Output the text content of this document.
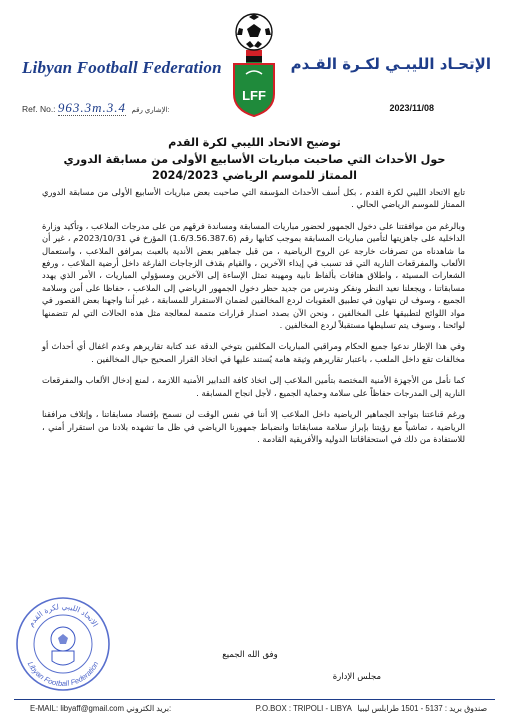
Libyan Football Federation	الإتحـاد الليبـي لكـرة القـدم
LFF
Ref. No.: 963.3m.3.4 الإشاري رقم:	2023/11/08
توضيح الاتحاد الليبي لكرة القدم
حول الأحداث التي صاحبت مباريات الأسابيع الأولى من مسابقة الدوري
الممتاز للموسم الرياضي 2024/2023

تابع الاتحاد الليبي لكرة القدم ، بكل أسف الأحداث المؤسفة التي صاحبت بعض مباريات الأسابيع الأولى من مسابقة الدوري الممتاز للموسم الرياضي الحالي .

وبالرغم من موافقتنا على دخول الجمهور لحضور مباريات المسابقة ومساندة فرقهم من على مدرجات الملاعب ، وتأكيد وزارة الداخلية على جاهزيتها لتأمين مباريات المسابقة بموجب كتابها رقم (1.6/3.56.387.6) المؤرخ في 2023/10/31م ، غير أن ما شاهدناه من تصرفات خارجة عن الروح الرياضية ، من قبل جماهير بعض الأندية بالعبث بمرافق الملاعب ، واستعمال الألعاب والمفرقعات النارية التي قد تسبب في إيذاء الآخرين ، والقيام بقذف الزجاجات الفارغة داخل أرضية الملاعب ، ورفع الشعارات المسيئة ، واطلاق هتافات بألفاظ نابية ومهينة تمثل الإساءة إلى الآخرين ومسؤولي المباريات ، الأمر الذي يهدد مسابقاتنا ، ويجعلنا نعيد النظر ونفكر وندرس من جديد حظر دخول الجمهور الرياضي إلى الملاعب ، حفاظا على أمن وسلامة الجميع ، وسوف لن نتهاون في تطبيق العقوبات لردع المخالفين لضمان الاستقرار للمسابقة ، غير أننا واجهنا بعض القصور في مواد اللوائح لتطبيقها على المخالفين ، ونحن الآن بصدد اصدار قرارات متممة لمعالجة مثل هذه الحالات التي لم تتضمنها لوائحنا ، وسوف يتم تسليطها مستقبلاً لردع المخالفين .

وفي هذا الإطار ندعوا جميع الحكام ومراقبي المباريات المكلفين بتوخي الدقة عند كتابة تقاريرهم وعدم اغفال أي أحداث أو مخالفات تقع داخل الملعب ، باعتبار تقاريرهم وثيقة هامة يُستند عليها في اتخاذ القرار الصحيح حيال المخالفين .

كما نأمل من الأجهزة الأمنية المختصة بتأمين الملاعب إلى اتخاذ كافة التدابير الأمنية اللازمة ، لمنع إدخال الألعاب والمفرقعات النارية إلى المدرجات حفاظاً على سلامة وحماية الجميع ، لأجل انجاح المسابقة .

ورغم قناعتنا بتواجد الجماهير الرياضية داخل الملاعب إلا أننا في نفس الوقت لن نسمح بإفساد مسابقاتنا ، وإتلاف مرافقنا الرياضية ، تماشياً مع رؤيتنا بإبراز سلامة مسابقاتنا وانضباط جمهورنا الرياضي في ظل ما تشهده بلادنا من استقرار أمني ، للاستفادة من ذلك في استحقاقاتنا الدولية والأفريقية القادمة .

وفق الله الجميع
مجلس الإدارة
الاتحاد الليبي لكرة القدم
Libyan Football Federation
E-MAIL: libyaff@gmail.com بريد الكتروني:	P.O.BOX : TRIPOLI - LIBYA صندوق بريد : 5137 - 1501 طرابلس ليبيا
